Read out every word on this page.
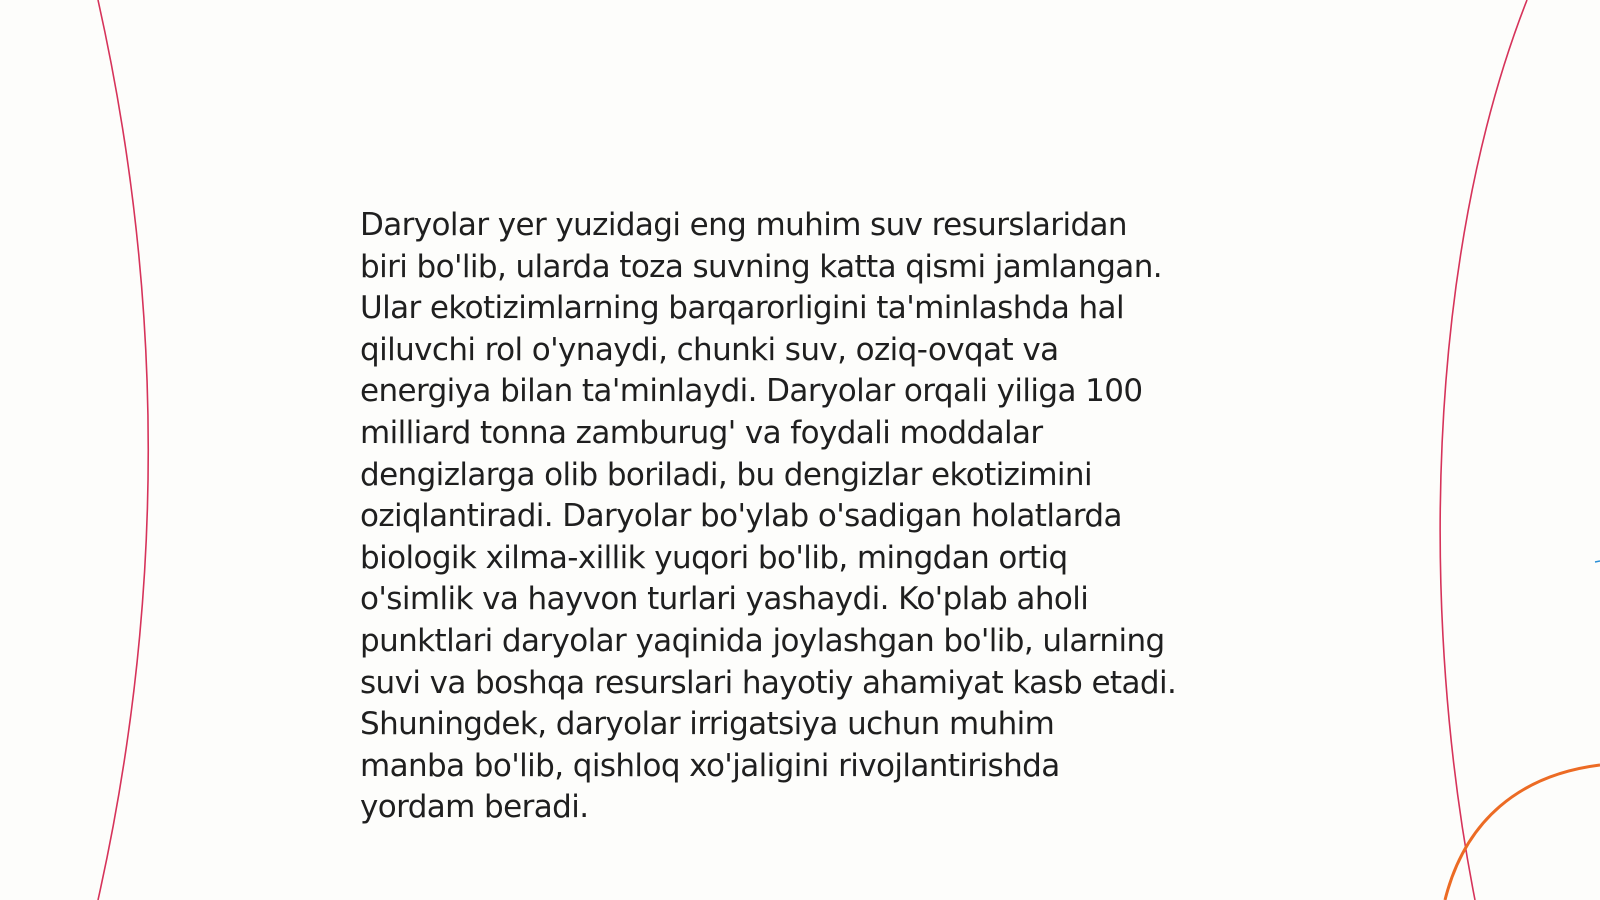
Daryolar yer yuzidagi eng muhim suv resurslaridan
biri bo'lib, ularda toza suvning katta qismi jamlangan.
Ular ekotizimlarning barqarorligini ta'minlashda hal
qiluvchi rol o'ynaydi, chunki suv, oziq-ovqat va
energiya bilan ta'minlaydi. Daryolar orqali yiliga 100
milliard tonna zamburug' va foydali moddalar
dengizlarga olib boriladi, bu dengizlar ekotizimini
oziqlantiradi. Daryolar bo'ylab o'sadigan holatlarda
biologik xilma-xillik yuqori bo'lib, mingdan ortiq
o'simlik va hayvon turlari yashaydi. Ko'plab aholi
punktlari daryolar yaqinida joylashgan bo'lib, ularning
suvi va boshqa resurslari hayotiy ahamiyat kasb etadi.
Shuningdek, daryolar irrigatsiya uchun muhim
manba bo'lib, qishloq xo'jaligini rivojlantirishda
yordam beradi.
